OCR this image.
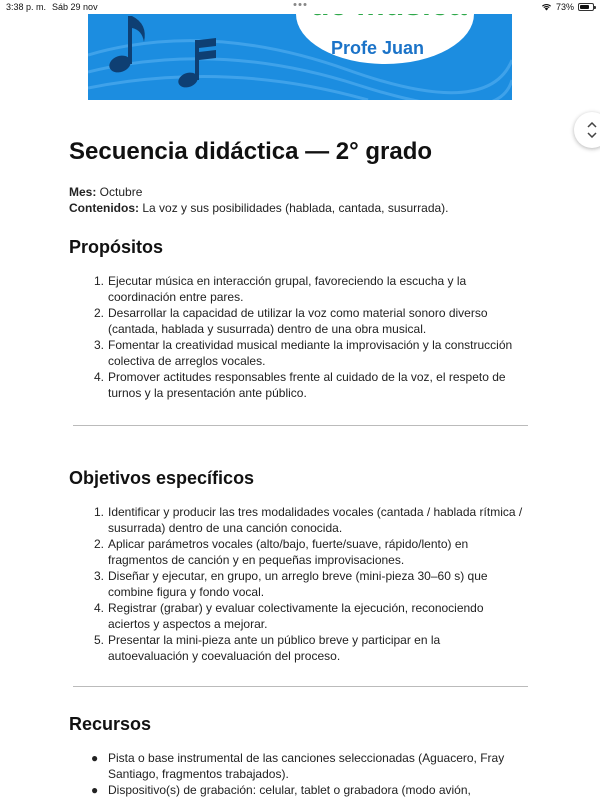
3:38 p. m. Sáb 29 nov	73%
Profe Juan
Secuencia didáctica — 2° grado
Mes: Octubre
Contenidos: La voz y sus posibilidades (hablada, cantada, susurrada).
Propósitos
1. Ejecutar música en interacción grupal, favoreciendo la escucha y la
coordinación entre pares.
2. Desarrollar la capacidad de utilizar la voz como material sonoro diverso
(cantada, hablada y susurrada) dentro de una obra musical.
3. Fomentar la creatividad musical mediante la improvisación y la construcción
colectiva de arreglos vocales.
4. Promover actitudes responsables frente al cuidado de la voz, el respeto de
turnos y la presentación ante público.
Objetivos específicos
1. Identificar y producir las tres modalidades vocales (cantada / hablada rítmica /
susurrada) dentro de una canción conocida.
2. Aplicar parámetros vocales (alto/bajo, fuerte/suave, rápido/lento) en
fragmentos de canción y en pequeñas improvisaciones.
3. Diseñar y ejecutar, en grupo, un arreglo breve (mini-pieza 30–60 s) que
combine figura y fondo vocal.
4. Registrar (grabar) y evaluar colectivamente la ejecución, reconociendo
aciertos y aspectos a mejorar.
5. Presentar la mini-pieza ante un público breve y participar en la
autoevaluación y coevaluación del proceso.
Recursos
● Pista o base instrumental de las canciones seleccionadas (Aguacero, Fray
Santiago, fragmentos trabajados).
● Dispositivo(s) de grabación: celular, tablet o grabadora (modo avión,
